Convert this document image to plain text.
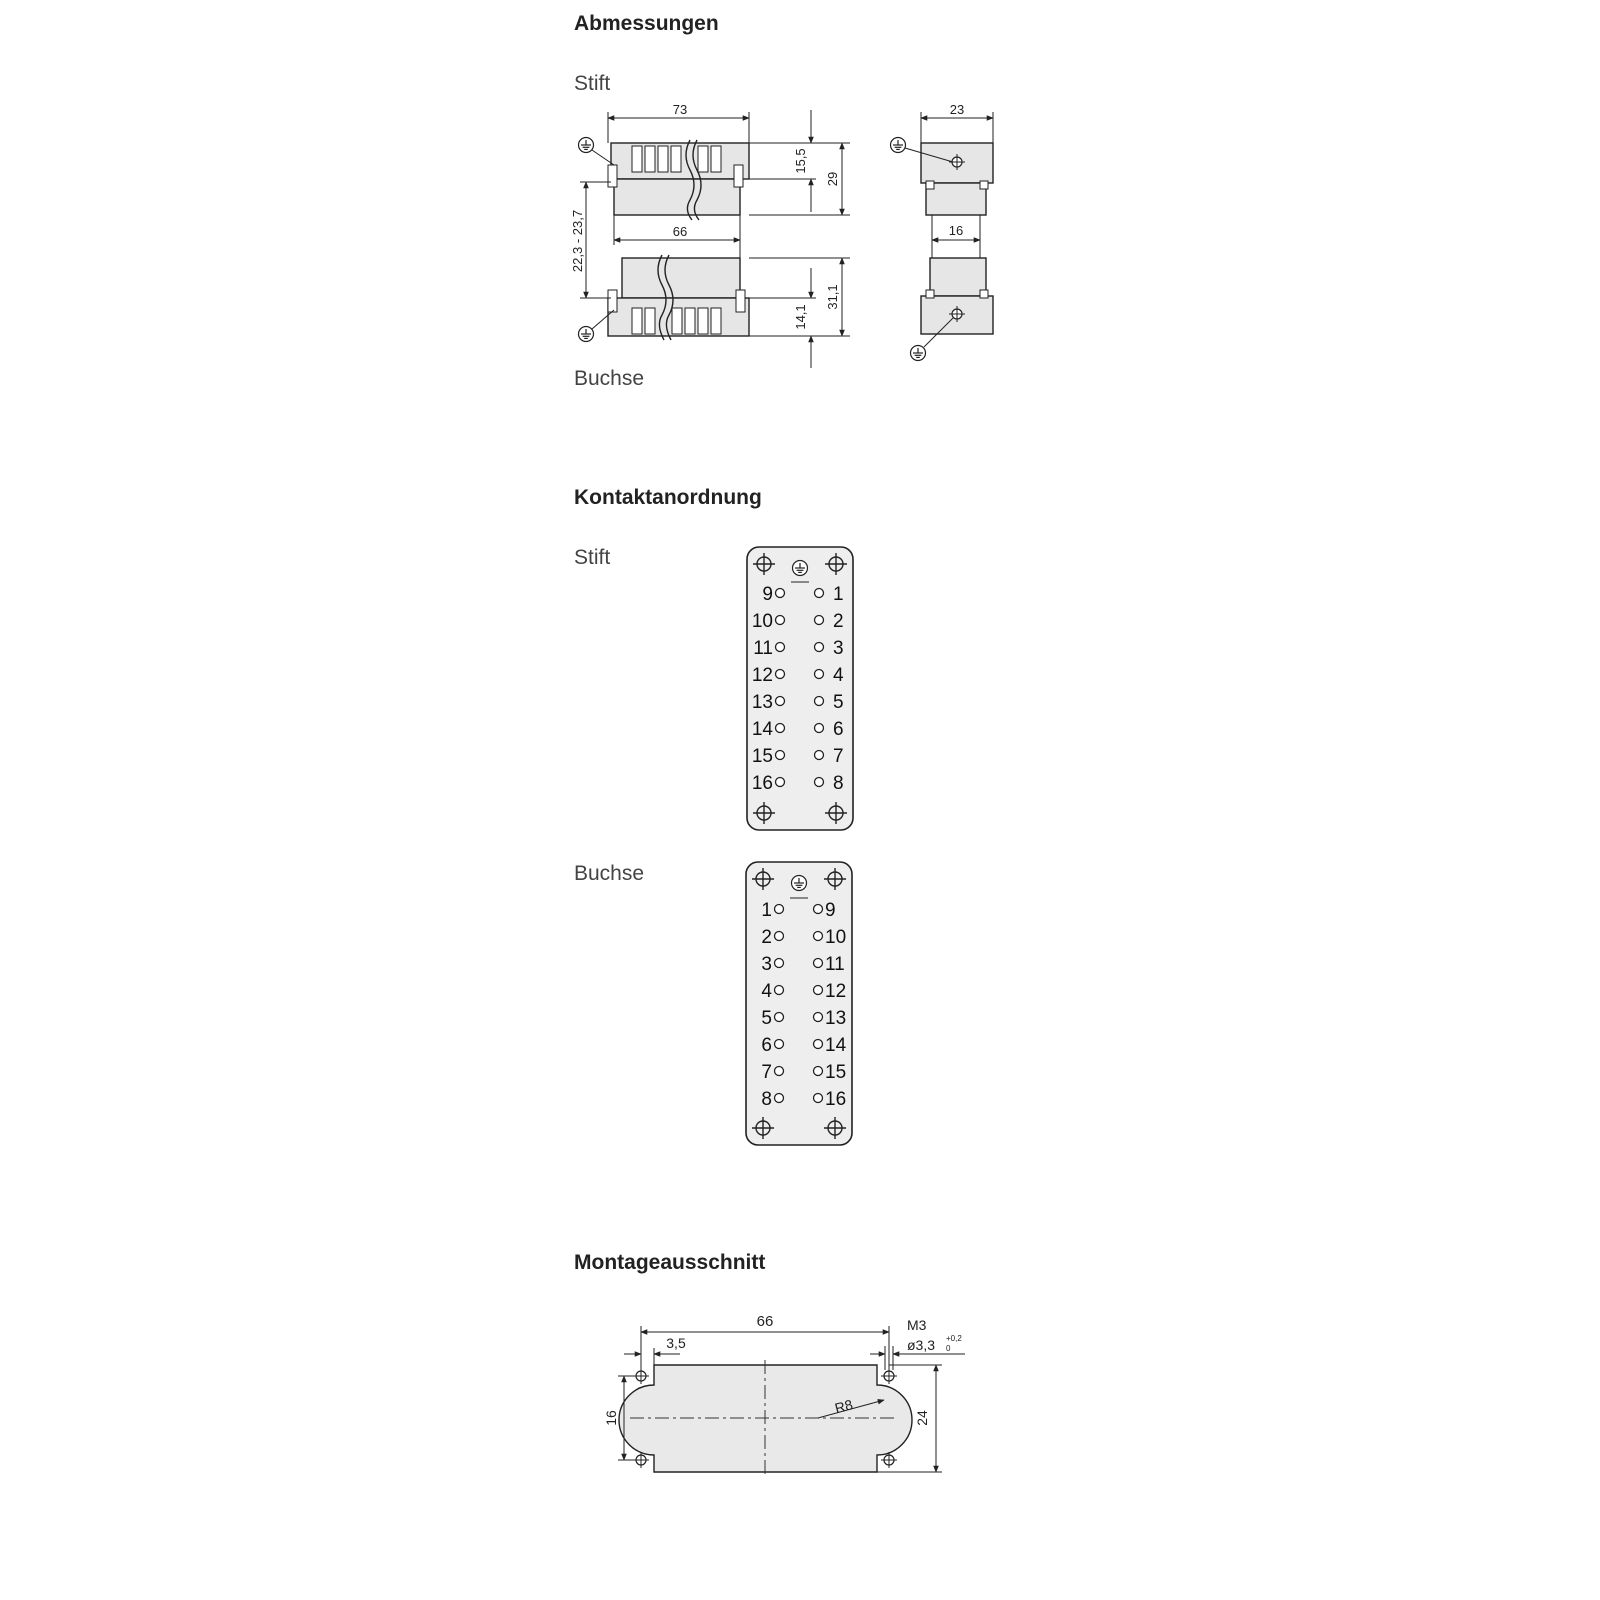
Abmessungen
Stift
Buchse
Kontaktanordnung
Stift
Buchse
Montageausschnitt
73
66
15,5
29
14,1
31,1
22,3 - 23,7
23
16
9
10
11
12
13
14
15
16
1
2
3
4
5
6
7
8
1
2
3
4
5
6
7
8
9
10
11
12
13
14
15
16
R8
66
3,5
M3
ø3,3 +0,2
0
16	24
